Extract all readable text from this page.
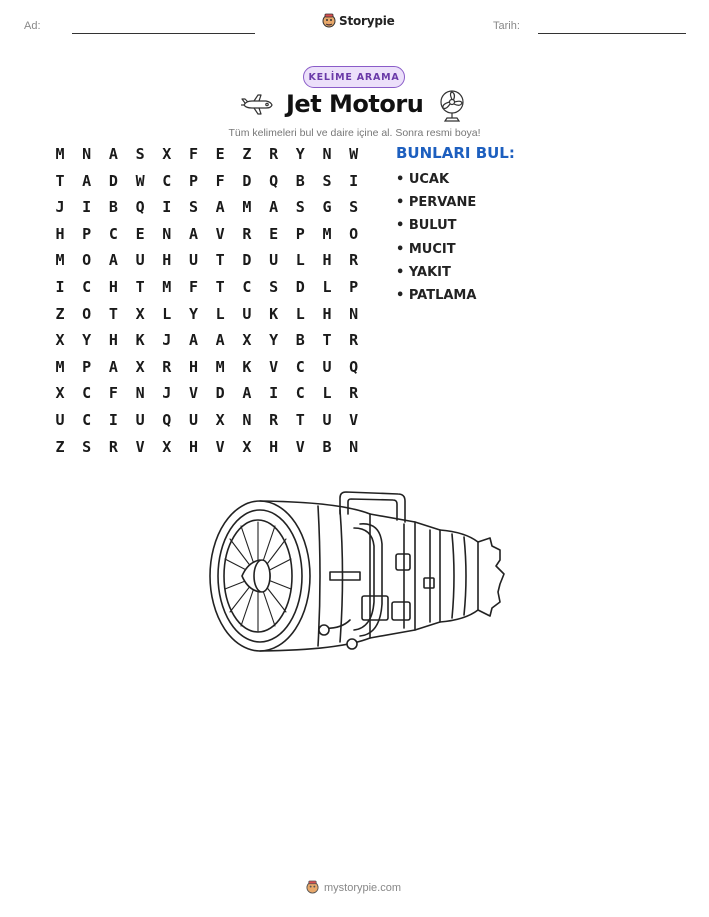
Ad:	Storypie	Tarih:
KELİME ARAMA
Jet Motoru
Tüm kelimeleri bul ve daire içine al. Sonra resmi boya!
M	N	A	S	X	F	E	Z	R	Y	N	W
T	A	D	W	C	P	F	D	Q	B	S	I
J	I	B	Q	I	S	A	M	A	S	G	S
H	P	C	E	N	A	V	R	E	P	M	O
M	O	A	U	H	U	T	D	U	L	H	R
I	C	H	T	M	F	T	C	S	D	L	P
Z	O	T	X	L	Y	L	U	K	L	H	N
X	Y	H	K	J	A	A	X	Y	B	T	R
M	P	A	X	R	H	M	K	V	C	U	Q
X	C	F	N	J	V	D	A	I	C	L	R
U	C	I	U	Q	U	X	N	R	T	U	V
Z	S	R	V	X	H	V	X	H	V	B	N
BUNLARI BUL:
• UCAK
• PERVANE
• BULUT
• MUCIT
• YAKIT
• PATLAMA
mystorypie.com
